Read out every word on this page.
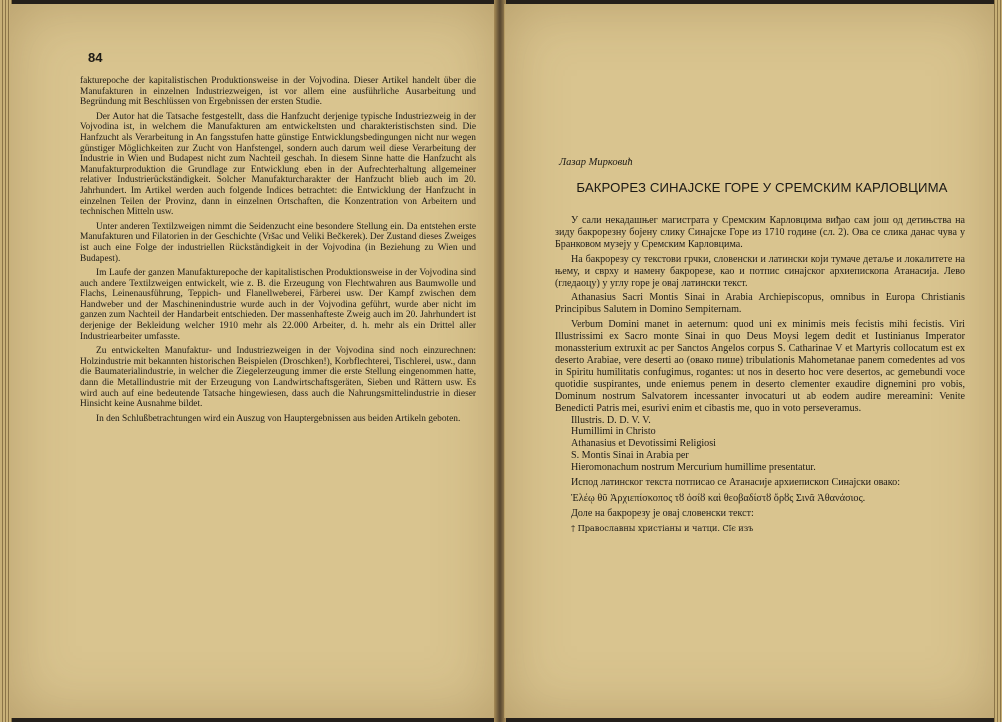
84

fakturepoche der kapitalistischen Produktionsweise in der Vojvodina. Dieser Artikel handelt über die Manufakturen in einzelnen Industriezweigen, ist vor allem eine ausführliche Ausarbeitung und Begründung mit Beschlüssen von Ergebnissen der ersten Studie.

Der Autor hat die Tatsache festgestellt, dass die Hanfzucht derjenige typische Industriezweig in der Vojvodina ist, in welchem die Manufakturen am entwickeltsten und charakteristischsten sind. Die Hanfzucht als Verarbeitung in An fangsstufen hatte günstige Entwicklungsbedingungen nicht nur wegen günstiger Möglichkeiten zur Zucht von Hanfstengel, sondern auch darum weil diese Verarbeitung der Industrie in Wien und Budapest nicht zum Nachteil geschah. In diesem Sinne hatte die Hanfzucht als Manufakturproduktion die Grundlage zur Entwicklung eben in der Aufrechterhaltung allgemeiner relativer Industrierückständigkeit. Solcher Manufakturcharakter der Hanfzucht blieb auch im 20. Jahrhundert. Im Artikel werden auch folgende Indices betrachtet: die Entwicklung der Hanfzucht in einzelnen Teilen der Provinz, dann in einzelnen Ortschaften, die Konzentration von Arbeitern und technischen Mitteln usw.

Unter anderen Textilzweigen nimmt die Seidenzucht eine besondere Stellung ein. Da entstehen erste Manufakturen und Filatorien in der Geschichte (Vršac und Veliki Bečkerek). Der Zustand dieses Zweiges ist auch eine Folge der industriellen Rückständigkeit in der Vojvodina (in Beziehung zu Wien und Budapest).

Im Laufe der ganzen Manufakturepoche der kapitalistischen Produktionsweise in der Vojvodina sind auch andere Textilzweigen entwickelt, wie z. B. die Erzeugung von Flechtwahren aus Baumwolle und Flachs, Leinenausführung, Teppich- und Flanellweberei, Färberei usw. Der Kampf zwischen dem Handweber und der Maschinenindustrie wurde auch in der Vojvodina geführt, wurde aber nicht im ganzen zum Nachteil der Handarbeit entschieden. Der massenhafteste Zweig auch im 20. Jahrhundert ist derjenige der Bekleidung welcher 1910 mehr als 22.000 Arbeiter, d. h. mehr als ein Drittel aller Industriearbeiter umfasste.

Zu entwickelten Manufaktur- und Industriezweigen in der Vojvodina sind noch einzurechnen: Holzindustrie mit bekannten historischen Beispielen (Droschken!), Korbflechterei, Tischlerei, usw., dann die Baumaterialindustrie, in welcher die Ziegelerzeugung immer die erste Stellung eingenommen hatte, dann die Metallindustrie mit der Erzeugung von Landwirtschaftsgeräten, Sieben und Rättern usw. Es wird auch auf eine bedeutende Tatsache hingewiesen, dass auch die Nahrungsmittelindustrie in dieser Hinsicht keine Ausnahme bildet.

In den Schlußbetrachtungen wird ein Auszug von Hauptergebnissen aus beiden Artikeln geboten.

Лазар Мирковић
БАКРОРЕЗ СИНАЈСКЕ ГОРЕ У СРЕМСКИМ КАРЛОВЦИМА

У сали некадашњег магистрата у Сремским Карловцима виђао сам још од детињства на зиду бакрорезну бојену слику Синајске Горе из 1710 године (сл. 2). Ова се слика данас чува у Бранковом музеју у Сремским Карловцима.

На бакрорезу су текстови грчки, словенски и латински који тумаче детаље и локалитете на њему, и сврху и намену бакрорезе, као и потпис синајског архиепископа Атанасија. Лево (гледаоцу) у углу горе је овај латински текст.

Athanasius Sacri Montis Sinai in Arabia Archiepiscopus, omnibus in Europa Christianis Principibus Salutem in Domino Sempiternam.

Verbum Domini manet in aeternum: quod uni ex minimis meis fecistis mihi fecistis. Viri Illustrissimi ex Sacro monte Sinai in quo Deus Moysi legem dedit et Iustinianus Imperator monassterium extruxit ac per Sanctos Angelos corpus S. Catharinae V et Martyris collocatum est ex deserto Arabiae, vere deserti ao (овако пише) tribulationis Mahometanae panem comedentes ad vos in Spiritu humilitatis confugimus, rogantes: ut nos in deserto hoc vere desertos, ac gemebundi voce quotidie suspirantes, unde eniemus penem in deserto clementer exaudire dignemini pro vobis, Dominum nostrum Salvatorem incessanter invocaturi ut ab eodem audire mereamini: Venite Benedicti Patris mei, esurivi enim et cibastis me, quo in voto perseveramus.

Illustris. D. D. V. V.
Humillimi in Christo
Athanasius et Devotissimi Religiosi
S. Montis Sinai in Arabia per
Hieromonachum nostrum Mercurium humillime presentatur.

Испод латинског текста потписао се Атанасије архиепископ Синајски овако:

Ἐλέῳ θῦ Ἀρχιεπίσκοπος τȣ ὁσίȣ καὶ θεοβαδίστȣ ὄρȣς Σινᾶ Ἀθανάσιος.

Доле на бакрорезу је овај словенски текст:

† Православны христіаны и чатци. Сїє изъ
